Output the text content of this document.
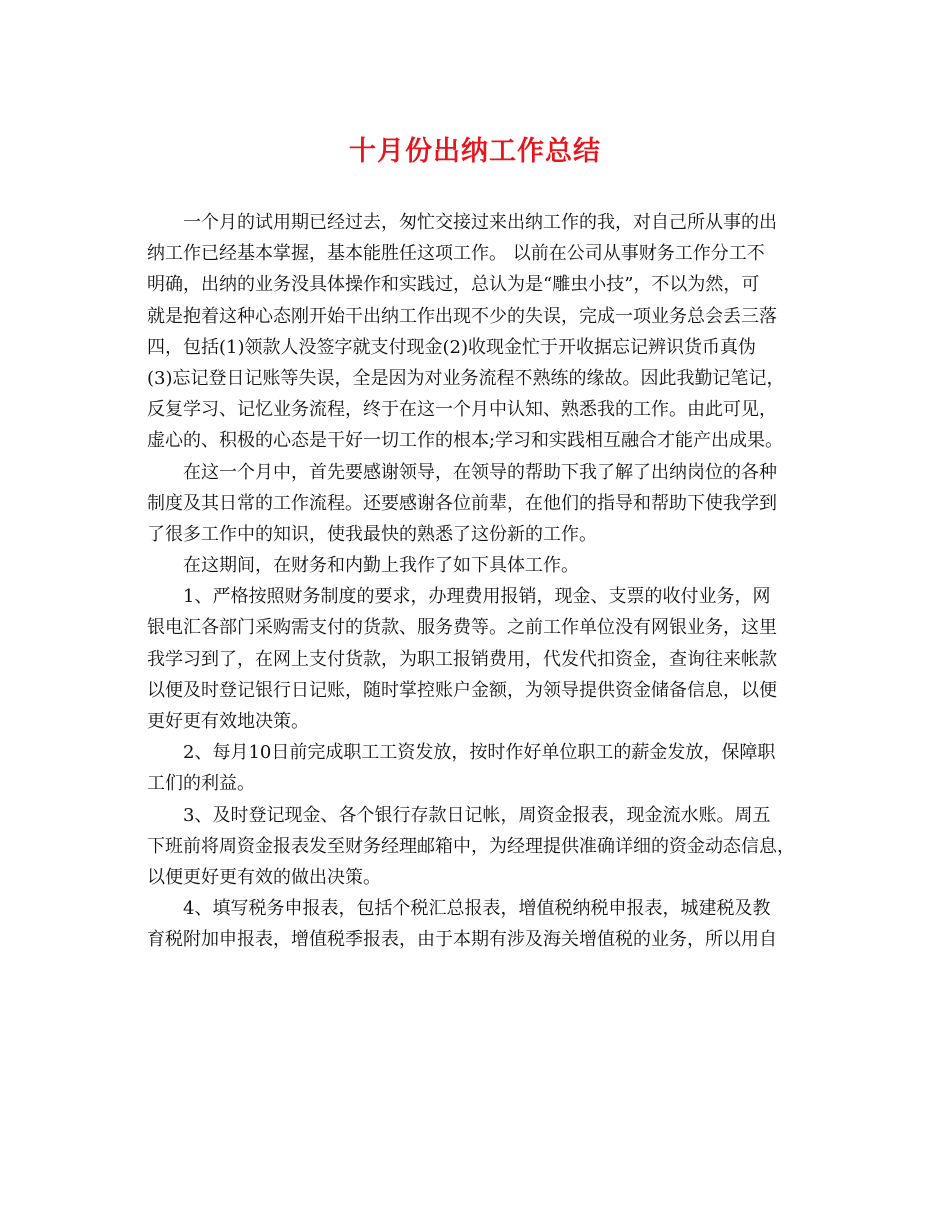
十月份出纳工作总结
一个月的试用期已经过去，匆忙交接过来出纳工作的我，对自己所从事的出
纳工作已经基本掌握，基本能胜任这项工作。 以前在公司从事财务工作分工不
明确，出纳的业务没具体操作和实践过，总认为是“雕虫小技”，不以为然，可
就是抱着这种心态刚开始干出纳工作出现不少的失误，完成一项业务总会丢三落
四，包括(1)领款人没签字就支付现金(2)收现金忙于开收据忘记辨识货币真伪
(3)忘记登日记账等失误，全是因为对业务流程不熟练的缘故。因此我勤记笔记，
反复学习、记忆业务流程，终于在这一个月中认知、熟悉我的工作。由此可见，
虚心的、积极的心态是干好一切工作的根本;学习和实践相互融合才能产出成果。
在这一个月中，首先要感谢领导，在领导的帮助下我了解了出纳岗位的各种
制度及其日常的工作流程。还要感谢各位前辈，在他们的指导和帮助下使我学到
了很多工作中的知识，使我最快的熟悉了这份新的工作。
在这期间，在财务和内勤上我作了如下具体工作。
1、严格按照财务制度的要求，办理费用报销，现金、支票的收付业务，网
银电汇各部门采购需支付的货款、服务费等。之前工作单位没有网银业务，这里
我学习到了，在网上支付货款，为职工报销费用，代发代扣资金，查询往来帐款
以便及时登记银行日记账，随时掌控账户金额，为领导提供资金储备信息，以便
更好更有效地决策。
2、每月10日前完成职工工资发放，按时作好单位职工的薪金发放，保障职
工们的利益。
3、及时登记现金、各个银行存款日记帐，周资金报表，现金流水账。周五
下班前将周资金报表发至财务经理邮箱中，为经理提供准确详细的资金动态信息，
以便更好更有效的做出决策。
4、填写税务申报表，包括个税汇总报表，增值税纳税申报表，城建税及教
育税附加申报表，增值税季报表，由于本期有涉及海关增值税的业务，所以用自
